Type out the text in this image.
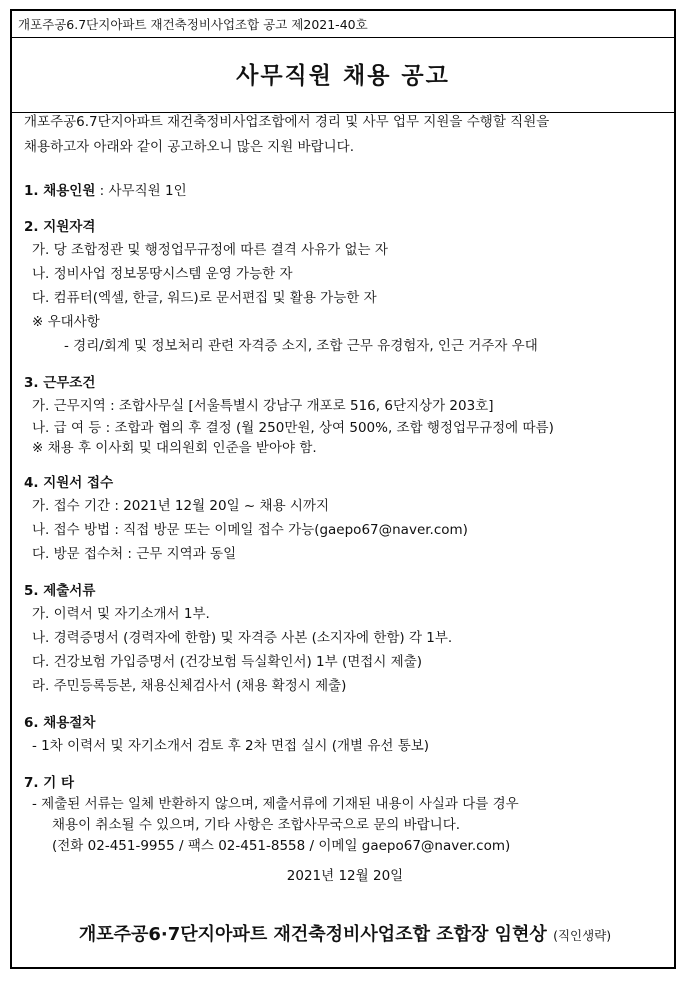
개포주공6.7단지아파트 재건축정비사업조합 공고 제2021-40호
사무직원 채용 공고

개포주공6.7단지아파트 재건축정비사업조합에서 경리 및 사무 업무 지원을 수행할 직원을
채용하고자 아래와 같이 공고하오니 많은 지원 바랍니다.

1. 채용인원 : 사무직원 1인
2. 지원자격
가. 당 조합정관 및 행정업무규정에 따른 결격 사유가 없는 자
나. 정비사업 정보몽땅시스템 운영 가능한 자
다. 컴퓨터(엑셀, 한글, 워드)로 문서편집 및 활용 가능한 자
※ 우대사항
- 경리/회계 및 정보처리 관련 자격증 소지, 조합 근무 유경험자, 인근 거주자 우대
3. 근무조건
가. 근무지역 : 조합사무실 [서울특별시 강남구 개포로 516, 6단지상가 203호]
나. 급 여 등 : 조합과 협의 후 결정 (월 250만원, 상여 500%, 조합 행정업무규정에 따름)
※ 채용 후 이사회 및 대의원회 인준을 받아야 함.
4. 지원서 접수
가. 접수 기간 : 2021년 12월 20일 ~ 채용 시까지
나. 접수 방법 : 직접 방문 또는 이메일 접수 가능(gaepo67@naver.com)
다. 방문 접수처 : 근무 지역과 동일
5. 제출서류
가. 이력서 및 자기소개서 1부.
나. 경력증명서 (경력자에 한함) 및 자격증 사본 (소지자에 한함) 각 1부.
다. 건강보험 가입증명서 (건강보험 득실확인서) 1부 (면접시 제출)
라. 주민등록등본, 채용신체검사서 (채용 확정시 제출)
6. 채용절차
- 1차 이력서 및 자기소개서 검토 후 2차 면접 실시 (개별 유선 통보)
7. 기 타
- 제출된 서류는 일체 반환하지 않으며, 제출서류에 기재된 내용이 사실과 다를 경우
채용이 취소될 수 있으며, 기타 사항은 조합사무국으로 문의 바랍니다.
(전화 02-451-9955 / 팩스 02-451-8558 / 이메일 gaepo67@naver.com)
2021년 12월 20일
개포주공6·7단지아파트 재건축정비사업조합 조합장 임현상 (직인생략)
